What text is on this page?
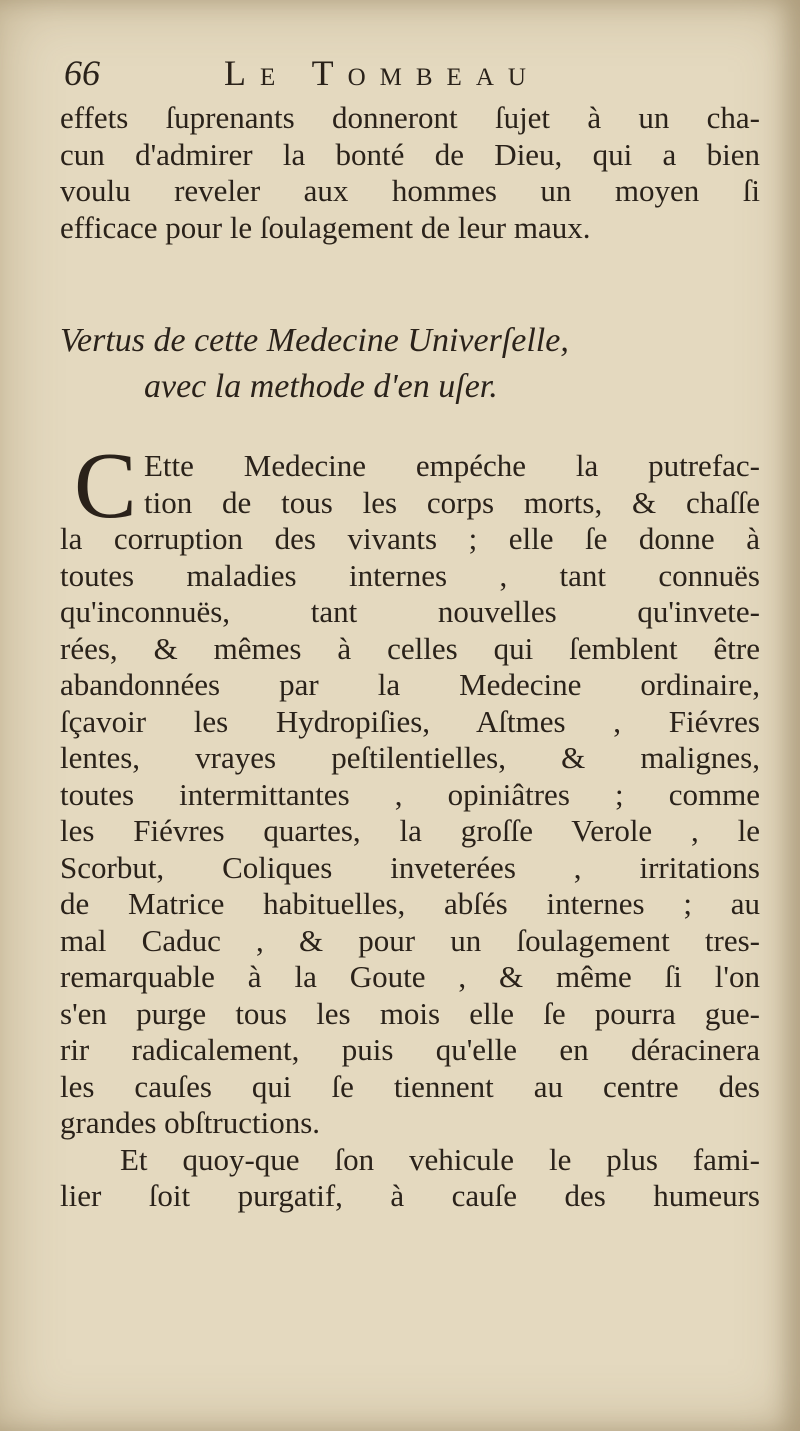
66	Le Tombeau
effets ſuprenants donneront ſujet à un cha-
cun d'admirer la bonté de Dieu, qui a bien
voulu reveler aux hommes un moyen ſi
efficace pour le ſoulagement de leur maux.
Vertus de cette Medecine Univerſelle,
avec la methode d'en uſer.
C Ette Medecine empéche la putrefac-
tion de tous les corps morts, & chaſſe
la corruption des vivants ; elle ſe donne à
toutes maladies internes , tant connuës
qu'inconnuës, tant nouvelles qu'invete-
rées, & mêmes à celles qui ſemblent être
abandonnées par la Medecine ordinaire,
ſçavoir les Hydropiſies, Aſtmes , Fiévres
lentes, vrayes peſtilentielles, & malignes,
toutes intermittantes , opiniâtres ; comme
les Fiévres quartes, la groſſe Verole , le
Scorbut, Coliques inveterées , irritations
de Matrice habituelles, abſés internes ; au
mal Caduc , & pour un ſoulagement tres-
remarquable à la Goute , & même ſi l'on
s'en purge tous les mois elle ſe pourra gue-
rir radicalement, puis qu'elle en déracinera
les cauſes qui ſe tiennent au centre des
grandes obſtructions.
Et quoy-que ſon vehicule le plus fami-
lier ſoit purgatif, à cauſe des humeurs
